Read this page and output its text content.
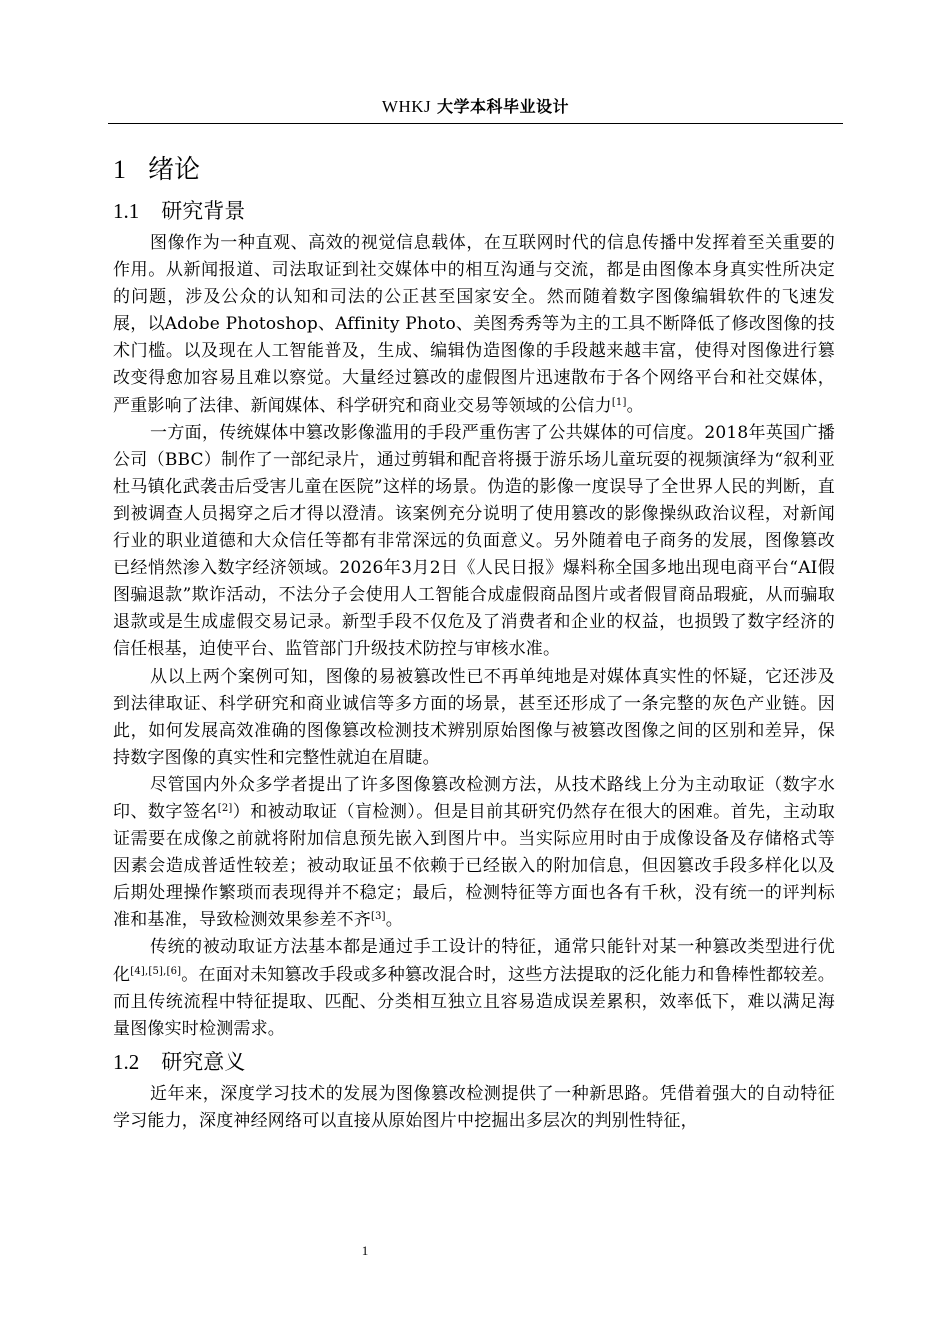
WHKJ 大学本科毕业设计
1 绪论
1.1 研究背景

图像作为一种直观、高效的视觉信息载体，在互联网时代的信息传播中发挥着至关重要的作用。从新闻报道、司法取证到社交媒体中的相互沟通与交流，都是由图像本身真实性所决定的问题，涉及公众的认知和司法的公正甚至国家安全。然而随着数字图像编辑软件的飞速发展，以Adobe Photoshop、Affinity Photo、美图秀秀等为主的工具不断降低了修改图像的技术门槛。以及现在人工智能普及，生成、编辑伪造图像的手段越来越丰富，使得对图像进行篡改变得愈加容易且难以察觉。大量经过篡改的虚假图片迅速散布于各个网络平台和社交媒体，严重影响了法律、新闻媒体、科学研究和商业交易等领域的公信力[1]。

一方面，传统媒体中篡改影像滥用的手段严重伤害了公共媒体的可信度。2018年英国广播公司（BBC）制作了一部纪录片，通过剪辑和配音将摄于游乐场儿童玩耍的视频演绎为“叙利亚杜马镇化武袭击后受害儿童在医院”这样的场景。伪造的影像一度误导了全世界人民的判断，直到被调查人员揭穿之后才得以澄清。该案例充分说明了使用篡改的影像操纵政治议程，对新闻行业的职业道德和大众信任等都有非常深远的负面意义。另外随着电子商务的发展，图像篡改已经悄然渗入数字经济领域。2026年3月2日《人民日报》爆料称全国多地出现电商平台“AI假图骗退款”欺诈活动，不法分子会使用人工智能合成虚假商品图片或者假冒商品瑕疵，从而骗取退款或是生成虚假交易记录。新型手段不仅危及了消费者和企业的权益，也损毁了数字经济的信任根基，迫使平台、监管部门升级技术防控与审核水准。

从以上两个案例可知，图像的易被篡改性已不再单纯地是对媒体真实性的怀疑，它还涉及到法律取证、科学研究和商业诚信等多方面的场景，甚至还形成了一条完整的灰色产业链。因此，如何发展高效准确的图像篡改检测技术辨别原始图像与被篡改图像之间的区别和差异，保持数字图像的真实性和完整性就迫在眉睫。

尽管国内外众多学者提出了许多图像篡改检测方法，从技术路线上分为主动取证（数字水印、数字签名[2]）和被动取证（盲检测）。但是目前其研究仍然存在很大的困难。首先，主动取证需要在成像之前就将附加信息预先嵌入到图片中。当实际应用时由于成像设备及存储格式等因素会造成普适性较差；被动取证虽不依赖于已经嵌入的附加信息，但因篡改手段多样化以及后期处理操作繁琐而表现得并不稳定；最后，检测特征等方面也各有千秋，没有统一的评判标准和基准，导致检测效果参差不齐[3]。

传统的被动取证方法基本都是通过手工设计的特征，通常只能针对某一种篡改类型进行优化[4],[5],[6]。在面对未知篡改手段或多种篡改混合时，这些方法提取的泛化能力和鲁棒性都较差。而且传统流程中特征提取、匹配、分类相互独立且容易造成误差累积，效率低下，难以满足海量图像实时检测需求。

1.2 研究意义

近年来，深度学习技术的发展为图像篡改检测提供了一种新思路。凭借着强大的自动特征学习能力，深度神经网络可以直接从原始图片中挖掘出多层次的判别性特征，

1
